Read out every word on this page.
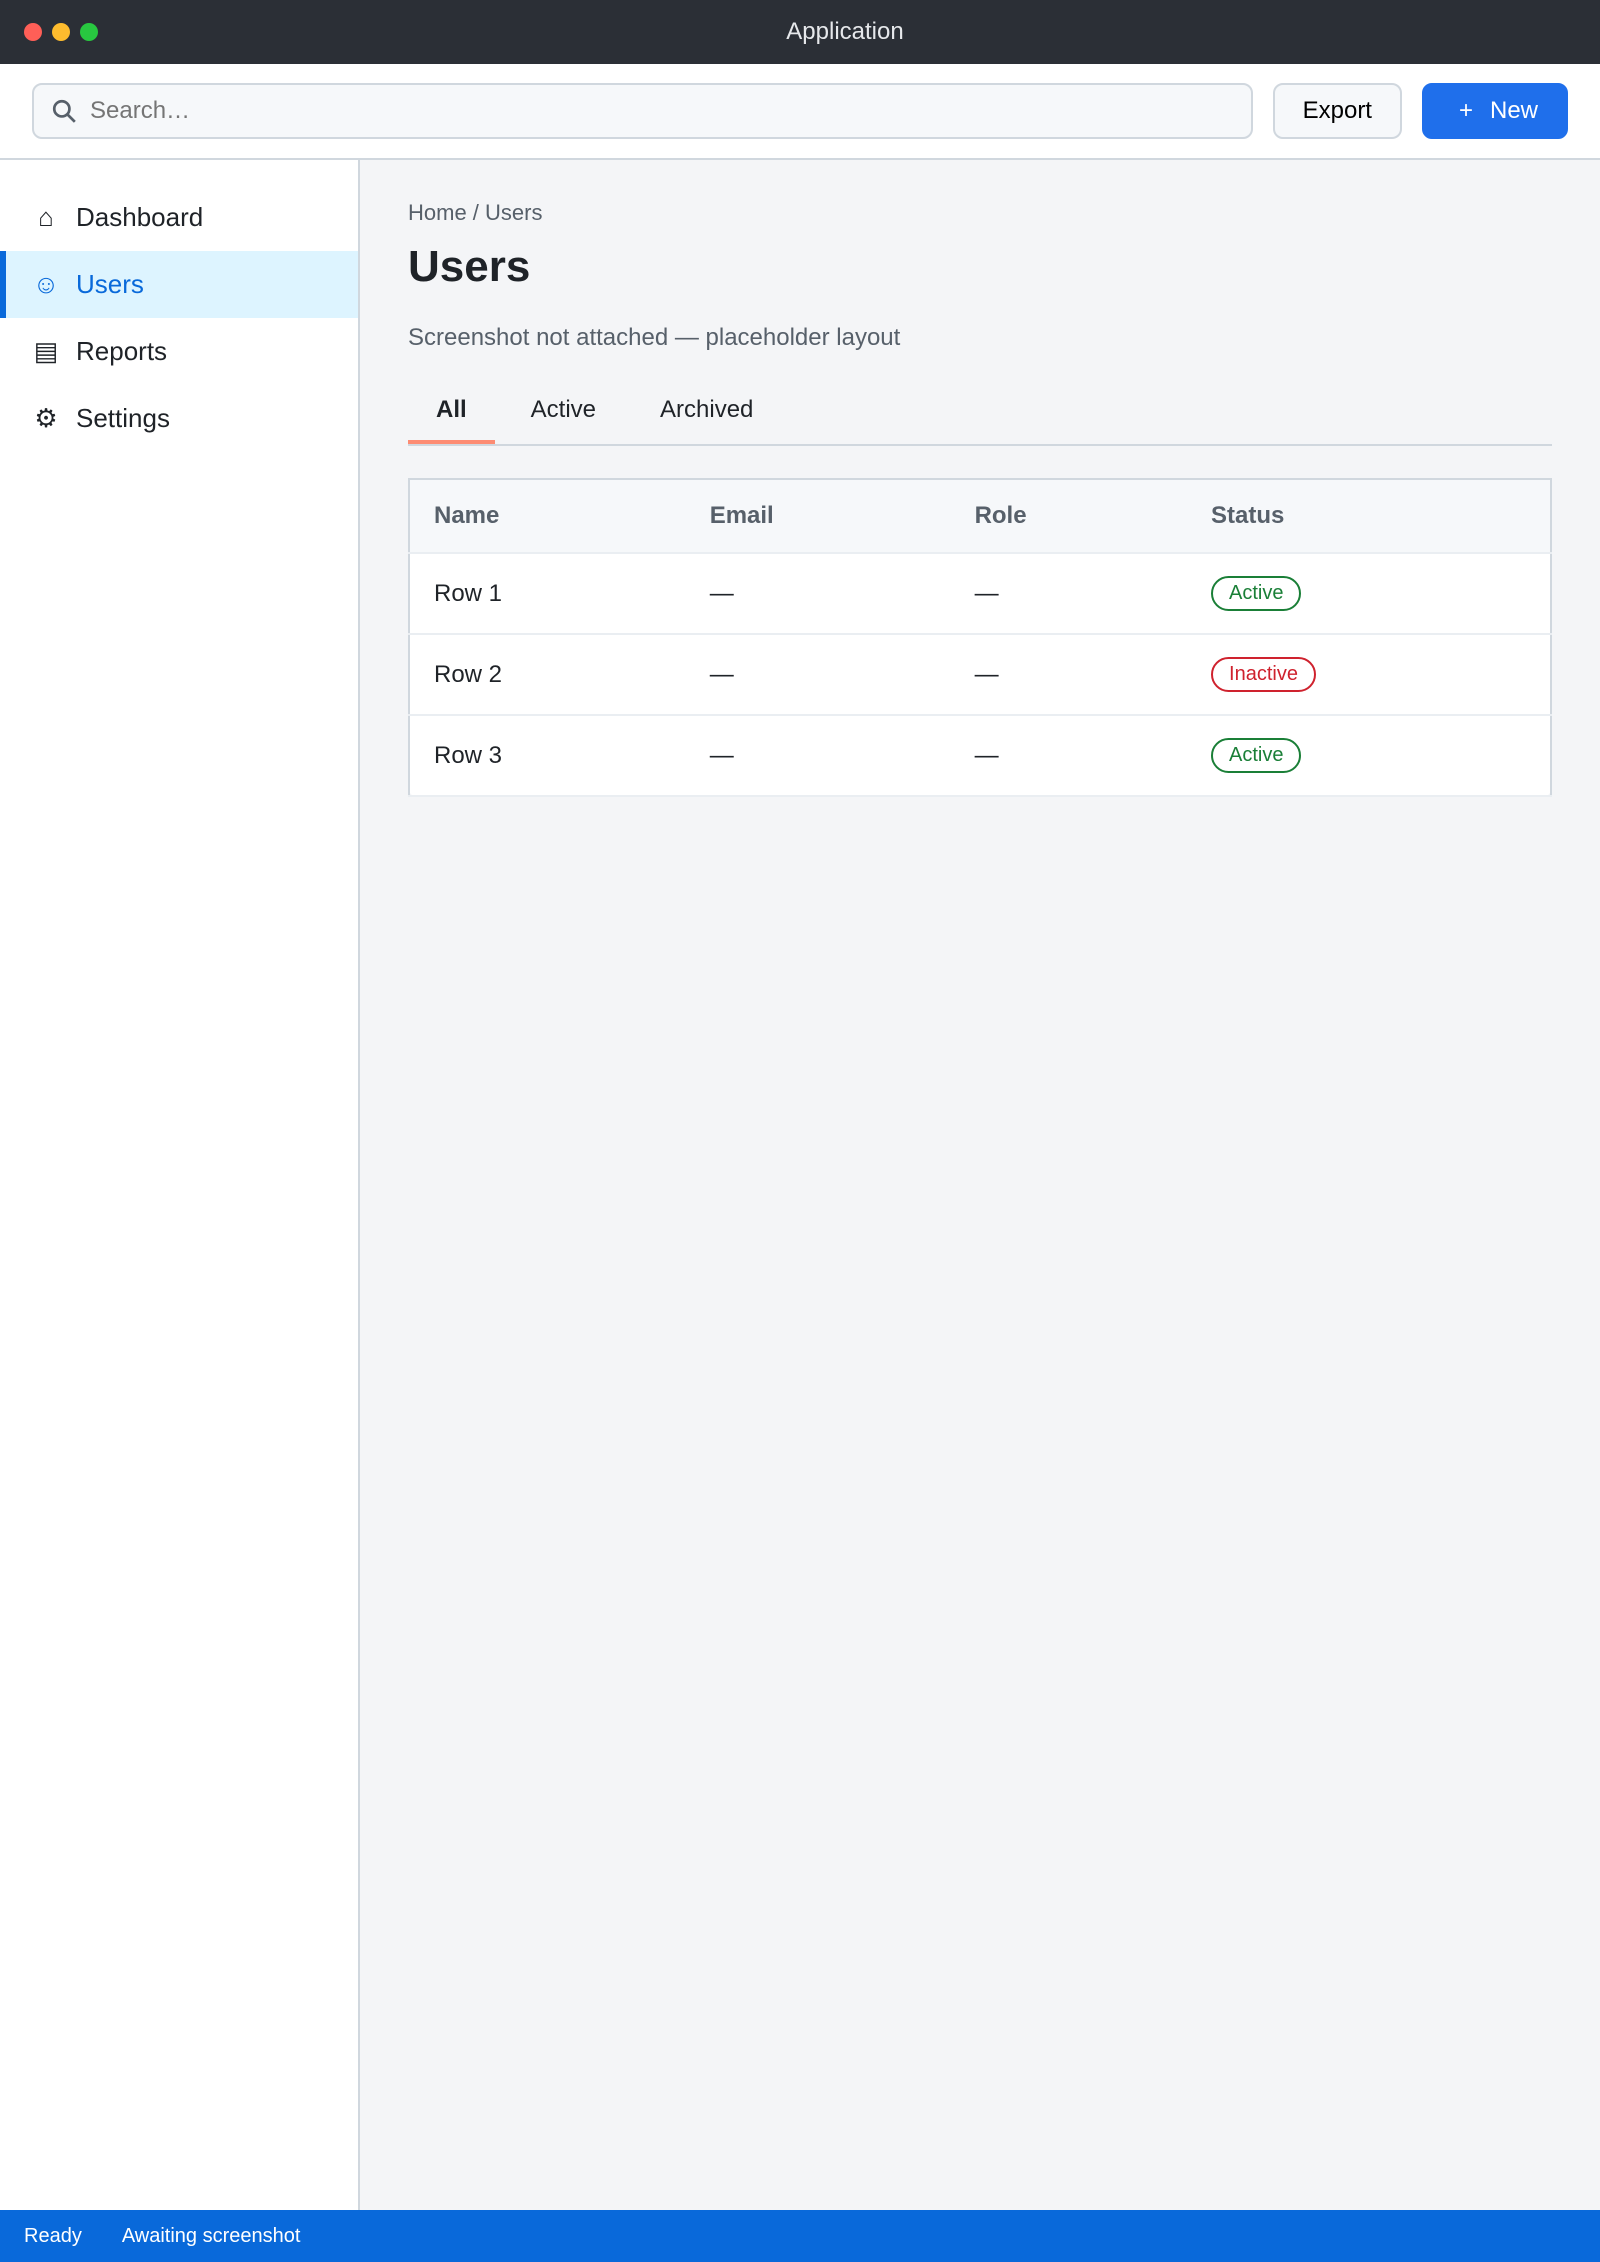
Application
Search…
Export	+ New
⌂ Dashboard
☺ Users
▤ Reports
⚙ Settings
Home / Users
Users

Screenshot not attached — placeholder layout

All	Active	Archived
Name	Email	Role	Status
Row 1	—	—	Active
Row 2	—	—	Inactive
Row 3	—	—	Active
Ready Awaiting screenshot
